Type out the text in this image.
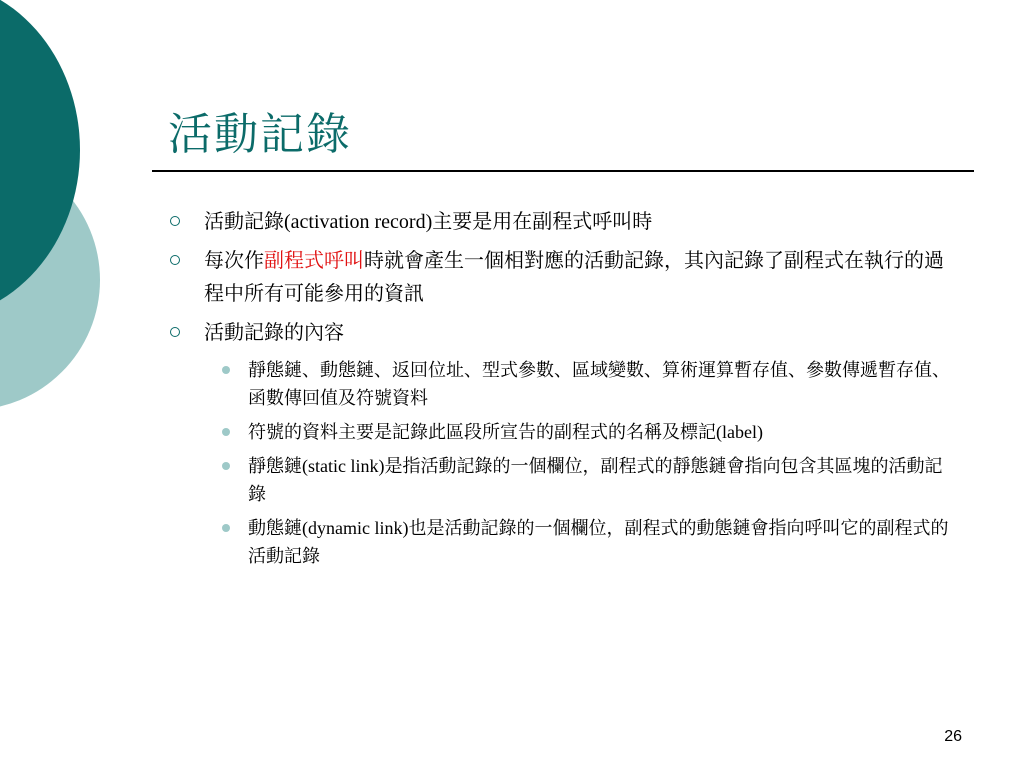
活動記錄
活動記錄(activation record)主要是用在副程式呼叫時
每次作副程式呼叫時就會產生一個相對應的活動記錄，其內記錄了副程式在執行的過程中所有可能參用的資訊
活動記錄的內容
靜態鏈、動態鏈、返回位址、型式參數、區域變數、算術運算暫存值、參數傳遞暫存值、函數傳回值及符號資料
符號的資料主要是記錄此區段所宣告的副程式的名稱及標記(label)
靜態鏈(static link)是指活動記錄的一個欄位，副程式的靜態鏈會指向包含其區塊的活動記錄
動態鏈(dynamic link)也是活動記錄的一個欄位，副程式的動態鏈會指向呼叫它的副程式的活動記錄
26
